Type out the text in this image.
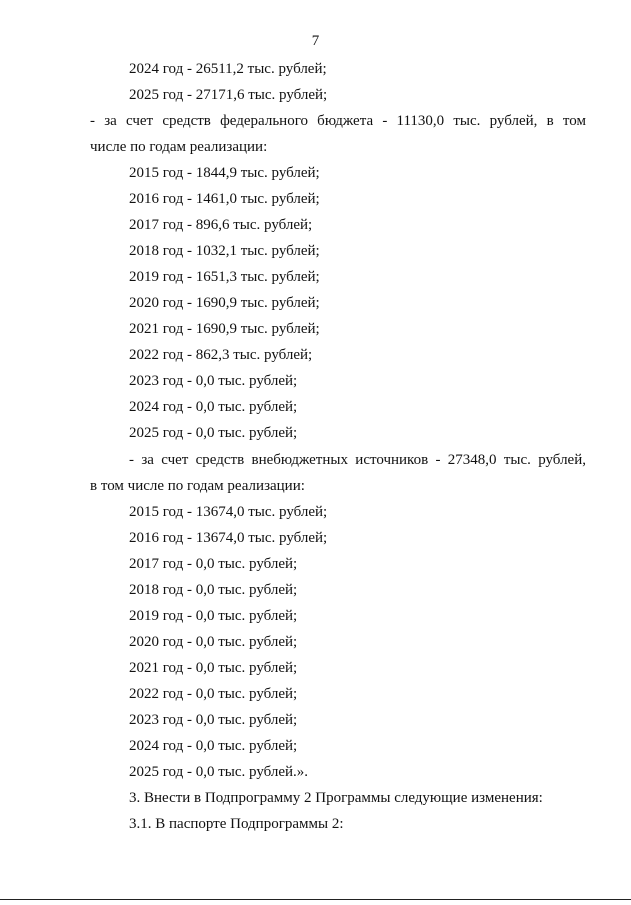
7
2024 год - 26511,2 тыс. рублей;
2025 год - 27171,6 тыс. рублей;
- за счет средств федерального бюджета - 11130,0 тыс. рублей, в том
числе по годам реализации:
2015 год - 1844,9 тыс. рублей;
2016 год - 1461,0 тыс. рублей;
2017 год - 896,6 тыс. рублей;
2018 год - 1032,1 тыс. рублей;
2019 год - 1651,3 тыс. рублей;
2020 год - 1690,9 тыс. рублей;
2021 год - 1690,9 тыс. рублей;
2022 год - 862,3 тыс. рублей;
2023 год - 0,0 тыс. рублей;
2024 год - 0,0 тыс. рублей;
2025 год - 0,0 тыс. рублей;
- за счет средств внебюджетных источников - 27348,0 тыс. рублей,
в том числе по годам реализации:
2015 год - 13674,0 тыс. рублей;
2016 год - 13674,0 тыс. рублей;
2017 год - 0,0 тыс. рублей;
2018 год - 0,0 тыс. рублей;
2019 год - 0,0 тыс. рублей;
2020 год - 0,0 тыс. рублей;
2021 год - 0,0 тыс. рублей;
2022 год - 0,0 тыс. рублей;
2023 год - 0,0 тыс. рублей;
2024 год - 0,0 тыс. рублей;
2025 год - 0,0 тыс. рублей.».
3. Внести в Подпрограмму 2 Программы следующие изменения:
3.1. В паспорте Подпрограммы 2:
